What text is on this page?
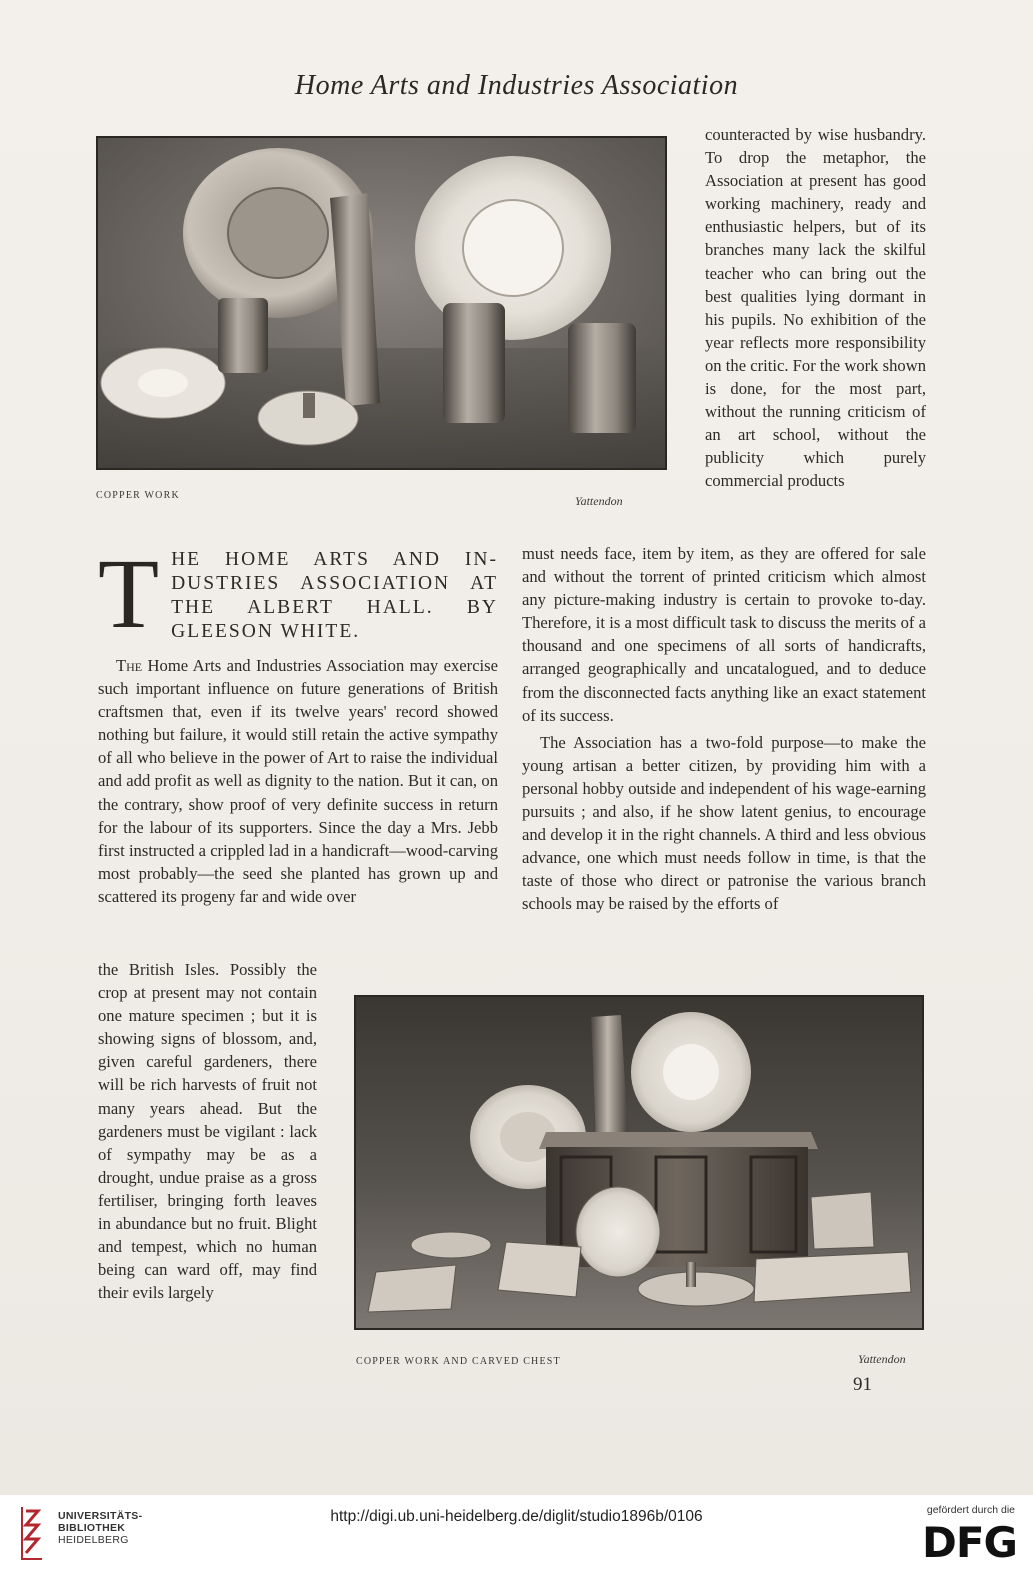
Home Arts and Industries Association
COPPER WORK	Yattendon

counteracted by wise husbandry. To drop the metaphor, the Association at present has good working machinery, ready and enthusiastic helpers, but of its branches many lack the skilful teacher who can bring out the best qualities lying dormant in his pupils. No exhibition of the year reflects more responsibility on the critic. For the work shown is done, for the most part, without the running criticism of an art school, without the publicity which purely commercial products

must needs face, item by item, as they are offered for sale and without the torrent of printed criticism which almost any picture-making industry is certain to provoke to-day. Therefore, it is a most difficult task to discuss the merits of a thousand and one specimens of all sorts of handicrafts, arranged geographically and uncatalogued, and to deduce from the disconnected facts anything like an exact statement of its success.

The Association has a two-fold purpose—to make the young artisan a better citizen, by providing him with a personal hobby outside and independent of his wage-earning pursuits ; and also, if he show latent genius, to encourage and develop it in the right channels. A third and less obvious advance, one which must needs follow in time, is that the taste of those who direct or patronise the various branch schools may be raised by the efforts of

T HE HOME ARTS AND IN-DUSTRIES ASSOCIATION AT THE ALBERT HALL. BY GLEESON WHITE.

The Home Arts and Industries Association may exercise such important influence on future generations of British craftsmen that, even if its twelve years' record showed nothing but failure, it would still retain the active sympathy of all who believe in the power of Art to raise the individual and add profit as well as dignity to the nation. But it can, on the contrary, show proof of very definite success in return for the labour of its supporters. Since the day a Mrs. Jebb first instructed a crippled lad in a handicraft—wood-carving most probably—the seed she planted has grown up and scattered its progeny far and wide over

the British Isles. Possibly the crop at present may not contain one mature specimen ; but it is showing signs of blossom, and, given careful gardeners, there will be rich harvests of fruit not many years ahead. But the gardeners must be vigilant : lack of sympathy may be as a drought, undue praise as a gross fertiliser, bringing forth leaves in abundance but no fruit. Blight and tempest, which no human being can ward off, may find their evils largely

COPPER WORK AND CARVED CHEST	Yattendon
91
UNIVERSITÄTS-
BIBLIOTHEK
HEIDELBERG
http://digi.ub.uni-heidelberg.de/diglit/studio1896b/0106	gefördert durch die
DFG
